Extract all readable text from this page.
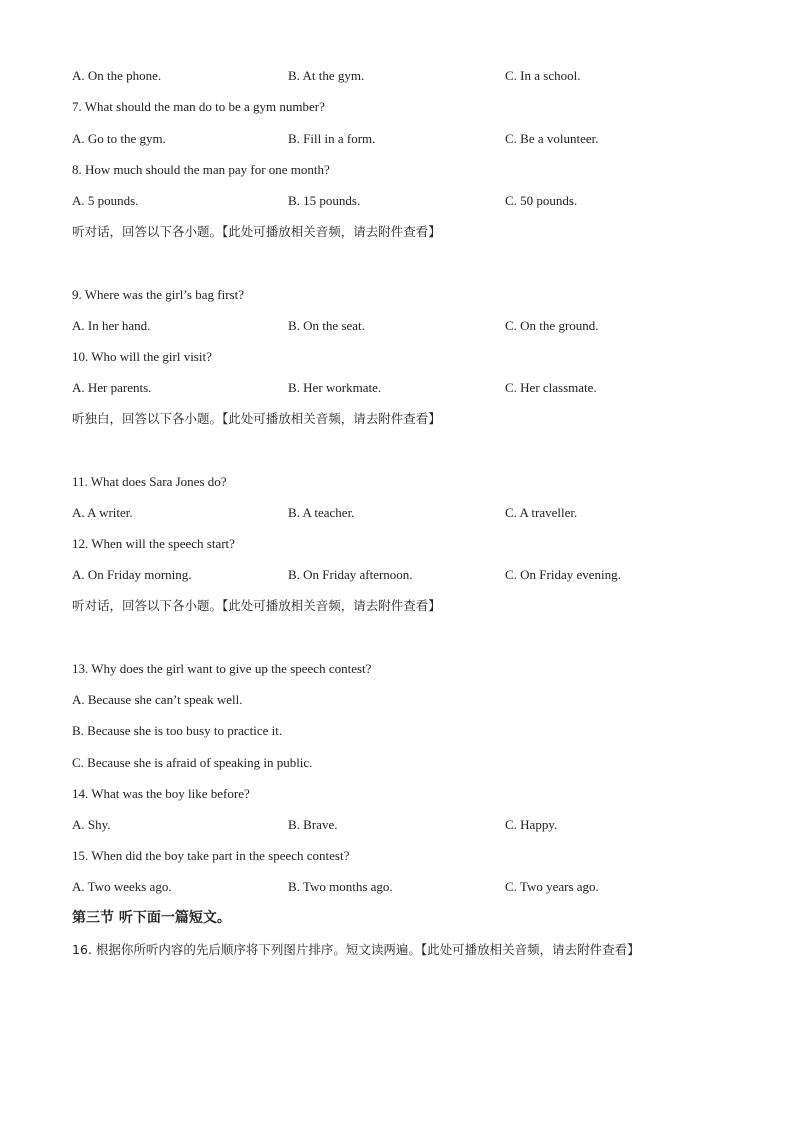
A. On the phone.	B. At the gym.	C. In a school.
7. What should the man do to be a gym number?
A. Go to the gym.	B. Fill in a form.	C. Be a volunteer.
8. How much should the man pay for one month?
A. 5 pounds.	B. 15 pounds.	C. 50 pounds.
听对话，回答以下各小题。【此处可播放相关音频，请去附件查看】
9. Where was the girl’s bag first?
A. In her hand.	B. On the seat.	C. On the ground.
10. Who will the girl visit?
A. Her parents.	B. Her workmate.	C. Her classmate.
听独白，回答以下各小题。【此处可播放相关音频，请去附件查看】
11. What does Sara Jones do?
A. A writer.	B. A teacher.	C. A traveller.
12. When will the speech start?
A. On Friday morning.	B. On Friday afternoon.	C. On Friday evening.
听对话，回答以下各小题。【此处可播放相关音频，请去附件查看】
13. Why does the girl want to give up the speech contest?
A. Because she can’t speak well.
B. Because she is too busy to practice it.
C. Because she is afraid of speaking in public.
14. What was the boy like before?
A. Shy.	B. Brave.	C. Happy.
15. When did the boy take part in the speech contest?
A. Two weeks ago.	B. Two months ago.	C. Two years ago.
第三节 听下面一篇短文。
16. 根据你所听内容的先后顺序将下列图片排序。短文读两遍。【此处可播放相关音频，请去附件查看】
